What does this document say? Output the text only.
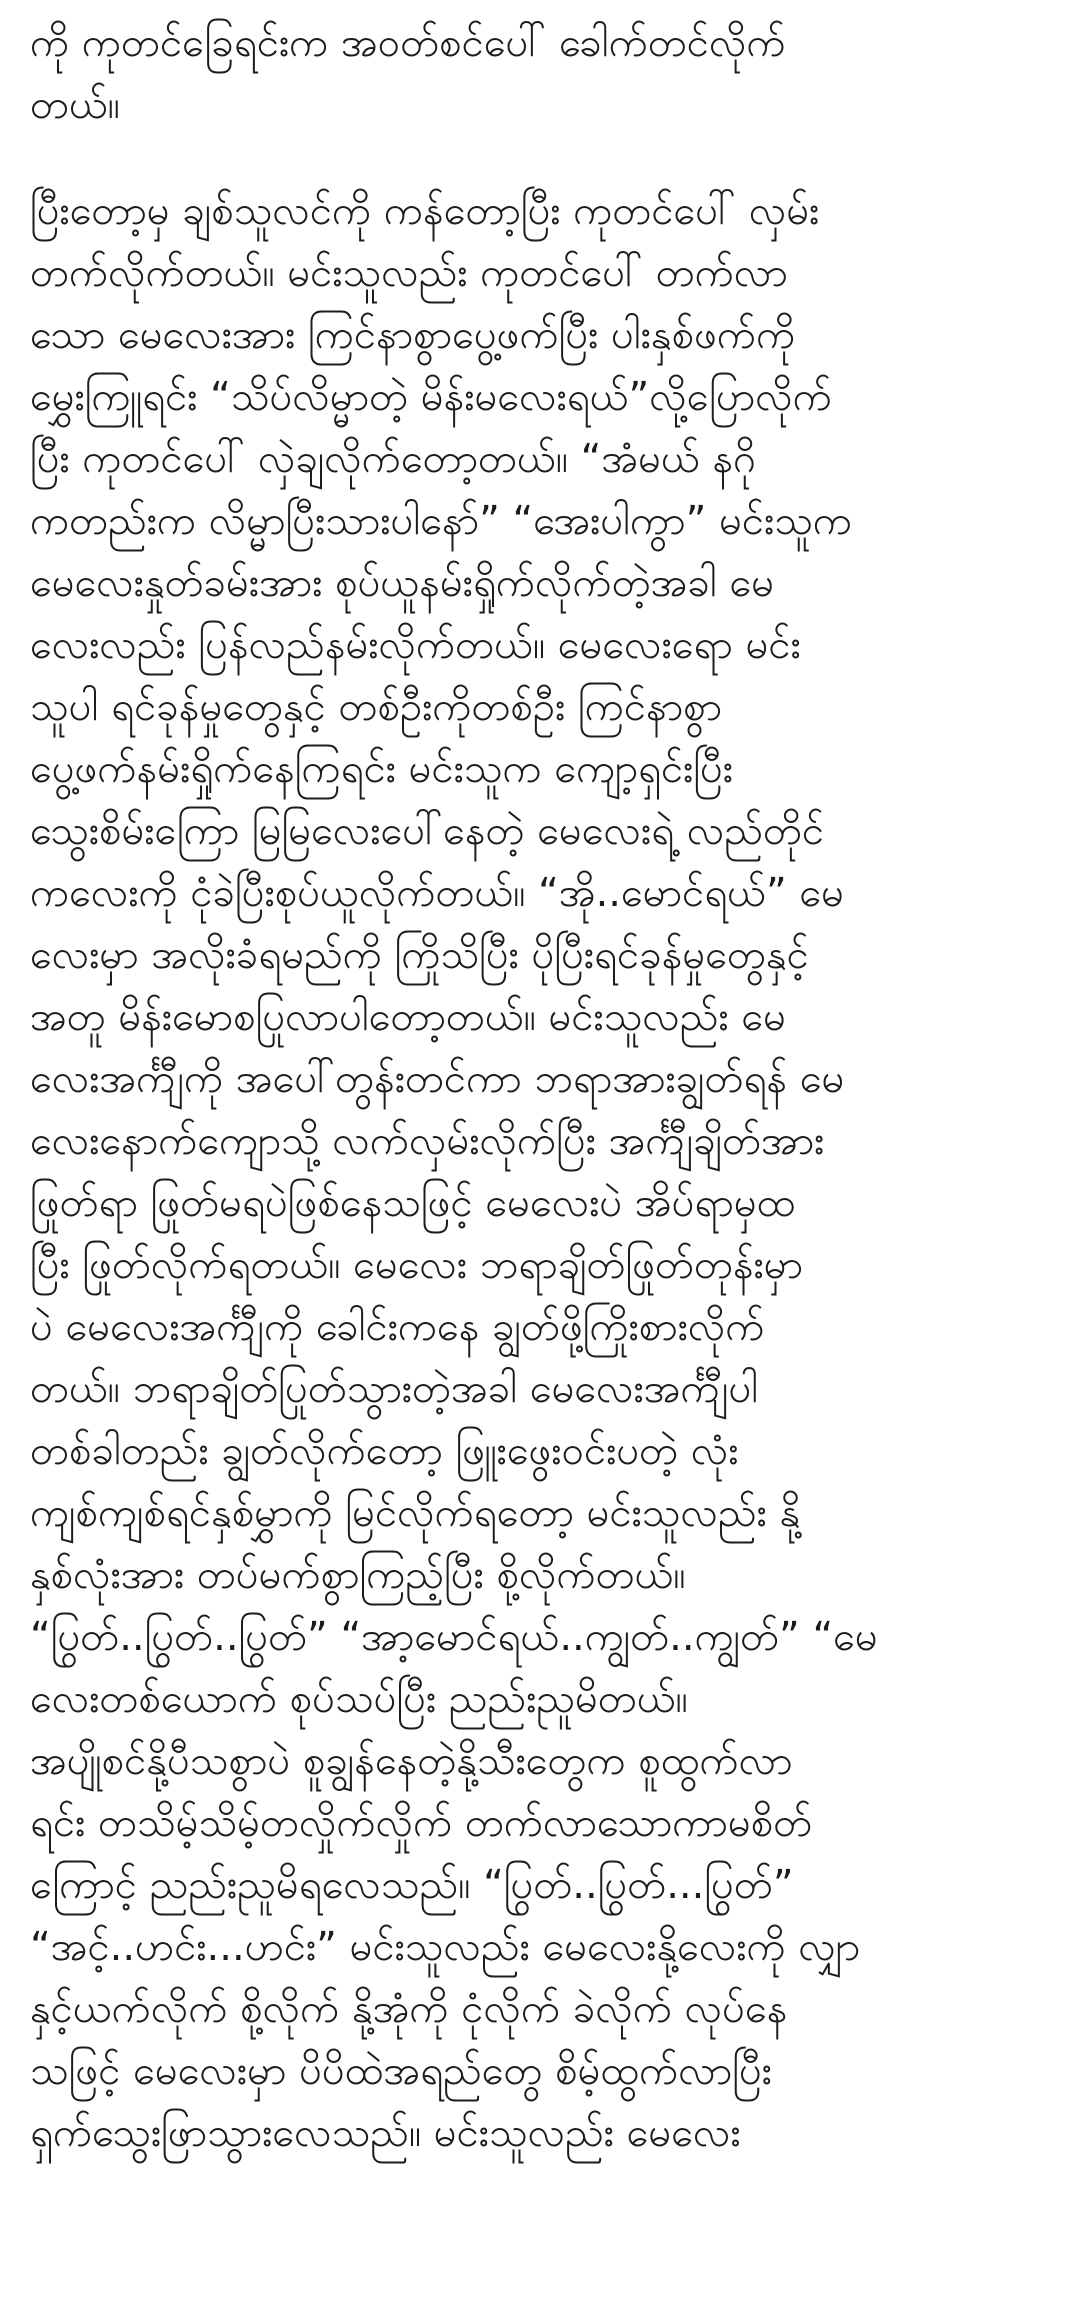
ကို ကုတင်ခြေရင်းက အဝတ်စင်ပေါ် ခေါက်တင်လိုက်
တယ်။
ပြီးတော့မှ ချစ်သူလင်ကို ကန်တော့ပြီး ကုတင်ပေါ် လှမ်း
တက်လိုက်တယ်။ မင်းသူလည်း ကုတင်ပေါ် တက်လာ
သော မေလေးအား ကြင်နာစွာပွေ့ဖက်ပြီး ပါးနှစ်ဖက်ကို
မွှေးကြူရင်း “သိပ်လိမ္မာတဲ့ မိန်းမလေးရယ်”လို့ပြောလိုက်
ပြီး ကုတင်ပေါ် လှဲချလိုက်တော့တယ်။ “အံမယ် နဂို
ကတည်းက လိမ္မာပြီးသားပါနော်” “အေးပါကွာ” မင်းသူက
မေလေးနှုတ်ခမ်းအား စုပ်ယူနမ်းရှိုက်လိုက်တဲ့အခါ မေ
လေးလည်း ပြန်လည်နမ်းလိုက်တယ်။ မေလေးရော မင်း
သူပါ ရင်ခုန်မှုတွေနှင့် တစ်ဦးကိုတစ်ဦး ကြင်နာစွာ
ပွေ့ဖက်နမ်းရှိုက်နေကြရင်း မင်းသူက ကျော့ရှင်းပြီး
သွေးစိမ်းကြော မြမြလေးပေါ်နေတဲ့ မေလေးရဲ့ လည်တိုင်
ကလေးကို ငုံခဲပြီးစုပ်ယူလိုက်တယ်။ “အို..မောင်ရယ်” မေ
လေးမှာ အလိုးခံရမည်ကို ကြိုသိပြီး ပိုပြီးရင်ခုန်မှုတွေနှင့်
အတူ မိန်းမောစပြုလာပါတော့တယ်။ မင်းသူလည်း မေ
လေးအင်္ကျီကို အပေါ်တွန်းတင်ကာ ဘရာအားချွတ်ရန် မေ
လေးနောက်ကျောသို့ လက်လှမ်းလိုက်ပြီး အင်္ကျီချိတ်အား
ဖြုတ်ရာ ဖြုတ်မရပဲဖြစ်နေသဖြင့် မေလေးပဲ အိပ်ရာမှထ
ပြီး ဖြုတ်လိုက်ရတယ်။ မေလေး ဘရာချိတ်ဖြုတ်တုန်းမှာ
ပဲ မေလေးအင်္ကျီကို ခေါင်းကနေ ချွတ်ဖို့ကြိုးစားလိုက်
တယ်။ ဘရာချိတ်ပြုတ်သွားတဲ့အခါ မေလေးအင်္ကျီပါ
တစ်ခါတည်း ချွတ်လိုက်တော့ ဖြူးဖွေးဝင်းပတဲ့ လုံး
ကျစ်ကျစ်ရင်နှစ်မွှာကို မြင်လိုက်ရတော့ မင်းသူလည်း နို့
နှစ်လုံးအား တပ်မက်စွာကြည့်ပြီး စို့လိုက်တယ်။
“ပြွတ်..ပြွတ်..ပြွတ်” “အာ့မောင်ရယ်..ကျွတ်..ကျွတ်” “မေ
လေးတစ်ယောက် စုပ်သပ်ပြီး ညည်းညူမိတယ်။
အပျိုစင်နို့ပီသစွာပဲ စူချွန်နေတဲ့နို့သီးတွေက စူထွက်လာ
ရင်း တသိမ့်သိမ့်တလှိုက်လှိုက် တက်လာသောကာမစိတ်
ကြောင့် ညည်းညူမိရလေသည်။ “ပြွတ်..ပြွတ်...ပြွတ်”
“အင့်..ဟင်း...ဟင်း” မင်းသူလည်း မေလေးနို့လေးကို လျှာ
နှင့်ယက်လိုက် စို့လိုက် နို့အုံကို ငုံလိုက် ခဲလိုက် လုပ်နေ
သဖြင့် မေလေးမှာ ပိပိထဲအရည်တွေ စိမ့်ထွက်လာပြီး
ရှက်သွေးဖြာသွားလေသည်။ မင်းသူလည်း မေလေး
